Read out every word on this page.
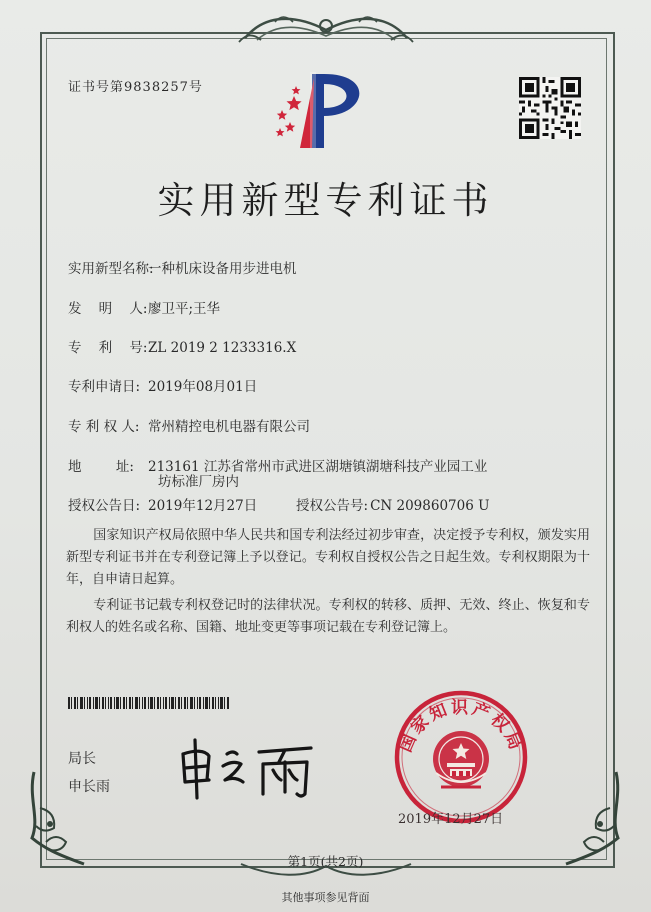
证书号第9838257号
实用新型专利证书
实用新型名称:一种机床设备用步进电机
发    明    人:廖卫平;王华
专    利    号:ZL 2019 2 1233316.X
专利申请日: 2019年08月01日
专 利 权 人: 常州精控电机电器有限公司
地        址: 213161 江苏省常州市武进区湖塘镇湖塘科技产业园工业
坊标准厂房内
授权公告日: 2019年12月27日	授权公告号: CN 209860706 U

国家知识产权局依照中华人民共和国专利法经过初步审查，决定授予专利权，颁发实用新型专利证书并在专利登记簿上予以登记。专利权自授权公告之日起生效。专利权期限为十年，自申请日起算。

专利证书记载专利权登记时的法律状况。专利权的转移、质押、无效、终止、恢复和专利权人的姓名或名称、国籍、地址变更等事项记载在专利登记簿上。

局长
申长雨
国家知识产权局
2019年12月27日
第1页(共2页)
其他事项参见背面
